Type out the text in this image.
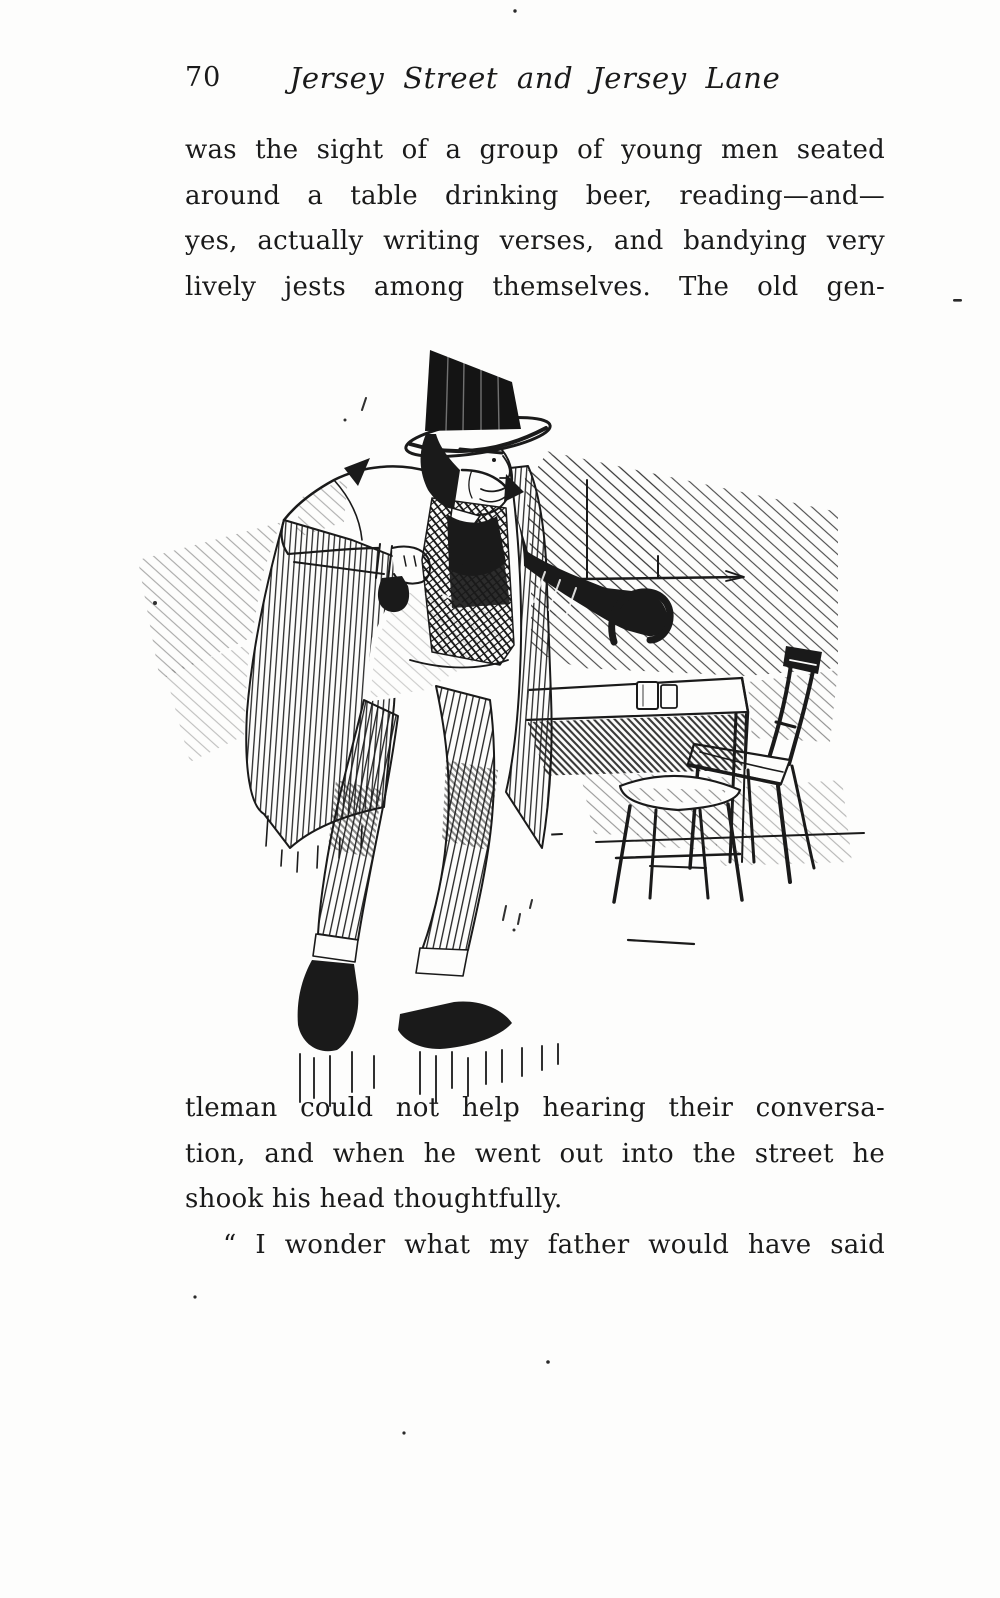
70	Jersey Street and Jersey Lane
was the sight of a group of young men seated
around a table drinking beer, reading—and—
yes, actually writing verses, and bandying very
lively jests among themselves. The old gen-
tleman could not help hearing their conversa-
tion, and when he went out into the street he
shook his head thoughtfully.
“ I wonder what my father would have said
